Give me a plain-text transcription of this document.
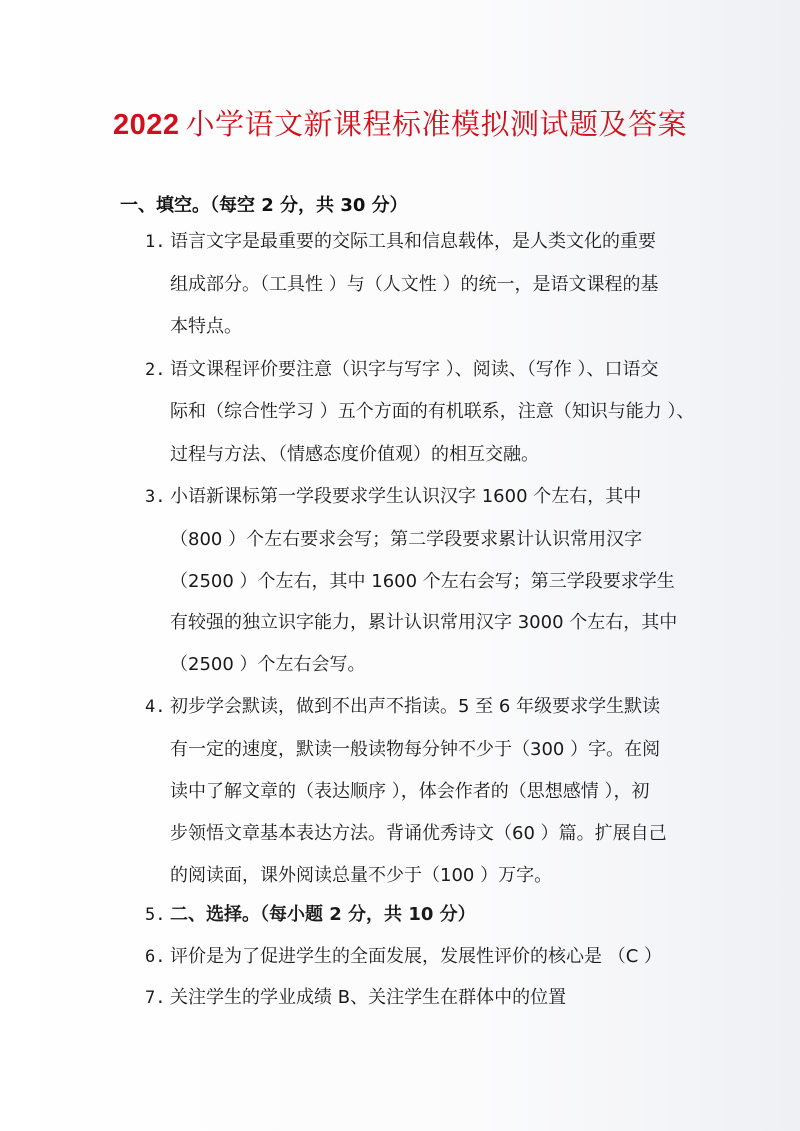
2022 小学语文新课程标准模拟测试题及答案
一、填空。（每空 2 分，共 30 分）
1. 语言文字是最重要的交际工具和信息载体，是人类文化的重要
组成部分。（工具性 ）与（人文性 ）的统一，是语文课程的基
本特点。
2. 语文课程评价要注意（识字与写字 ）、阅读、（写作 ）、口语交
际和（综合性学习 ）五个方面的有机联系，注意（知识与能力 ）、
过程与方法、（情感态度价值观）的相互交融。
3. 小语新课标第一学段要求学生认识汉字 1600 个左右，其中
（800 ）个左右要求会写；第二学段要求累计认识常用汉字
（2500 ）个左右，其中 1600 个左右会写；第三学段要求学生
有较强的独立识字能力，累计认识常用汉字 3000 个左右，其中
（2500 ）个左右会写。
4. 初步学会默读，做到不出声不指读。5 至 6 年级要求学生默读
有一定的速度，默读一般读物每分钟不少于（300 ）字。在阅
读中了解文章的（表达顺序 ），体会作者的（思想感情 ），初
步领悟文章基本表达方法。背诵优秀诗文（60 ）篇。扩展自己
的阅读面，课外阅读总量不少于（100 ）万字。
5. 二、选择。（每小题 2 分，共 10 分）
6. 评价是为了促进学生的全面发展，发展性评价的核心是 （C ）
7. 关注学生的学业成绩 B、关注学生在群体中的位置
